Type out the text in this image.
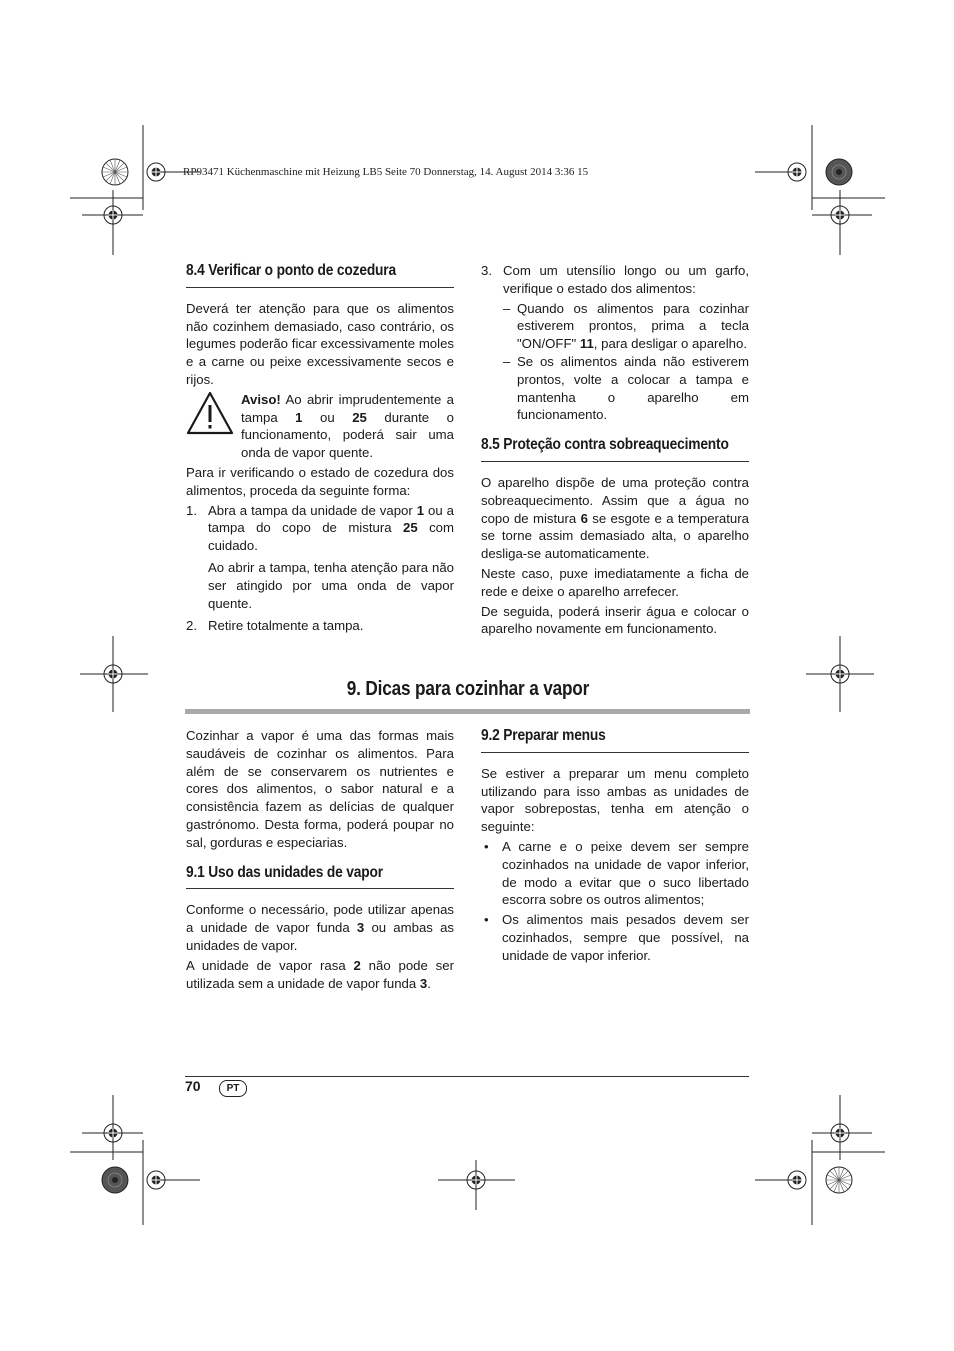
RP93471 Küchenmaschine mit Heizung LB5 Seite 70 Donnerstag, 14. August 2014 3:36 15
8.4 Verificar o ponto de cozedura

Deverá ter atenção para que os alimentos não cozinhem demasiado, caso contrário, os legumes poderão ficar excessivamente moles e a carne ou peixe excessivamente secos e rijos.

Aviso! Ao abrir imprudentemente a tampa 1 ou 25 durante o funcionamento, poderá sair uma onda de vapor quente.

Para ir verificando o estado de cozedura dos alimentos, proceda da seguinte forma:

1. Abra a tampa da unidade de vapor 1 ou a tampa do copo de mistura 25 com cuidado.

Ao abrir a tampa, tenha atenção para não ser atingido por uma onda de vapor quente.

2. Retire totalmente a tampa.
3. Com um utensílio longo ou um garfo, verifique o estado dos alimentos:
– Quando os alimentos para cozinhar estiverem prontos, prima a tecla "ON/OFF" 11, para desligar o aparelho.
– Se os alimentos ainda não estiverem prontos, volte a colocar a tampa e mantenha o aparelho em funcionamento.
8.5 Proteção contra sobreaquecimento

O aparelho dispõe de uma proteção contra sobreaquecimento. Assim que a água no copo de mistura 6 se esgote e a temperatura se torne assim demasiado alta, o aparelho desliga-se automaticamente.

Neste caso, puxe imediatamente a ficha de rede e deixe o aparelho arrefecer.

De seguida, poderá inserir água e colocar o aparelho novamente em funcionamento.

9. Dicas para cozinhar a vapor

Cozinhar a vapor é uma das formas mais saudáveis de cozinhar os alimentos. Para além de se conservarem os nutrientes e cores dos alimentos, o sabor natural e a consistência fazem as delícias de qualquer gastrónomo. Desta forma, poderá poupar no sal, gorduras e especiarias.

9.1 Uso das unidades de vapor

Conforme o necessário, pode utilizar apenas a unidade de vapor funda 3 ou ambas as unidades de vapor.

A unidade de vapor rasa 2 não pode ser utilizada sem a unidade de vapor funda 3.

9.2 Preparar menus

Se estiver a preparar um menu completo utilizando para isso ambas as unidades de vapor sobrepostas, tenha em atenção o seguinte:

•	A carne e o peixe devem ser sempre cozinhados na unidade de vapor inferior, de modo a evitar que o suco libertado escorra sobre os outros alimentos;
•	Os alimentos mais pesados devem ser cozinhados, sempre que possível, na unidade de vapor inferior.
70	PT
